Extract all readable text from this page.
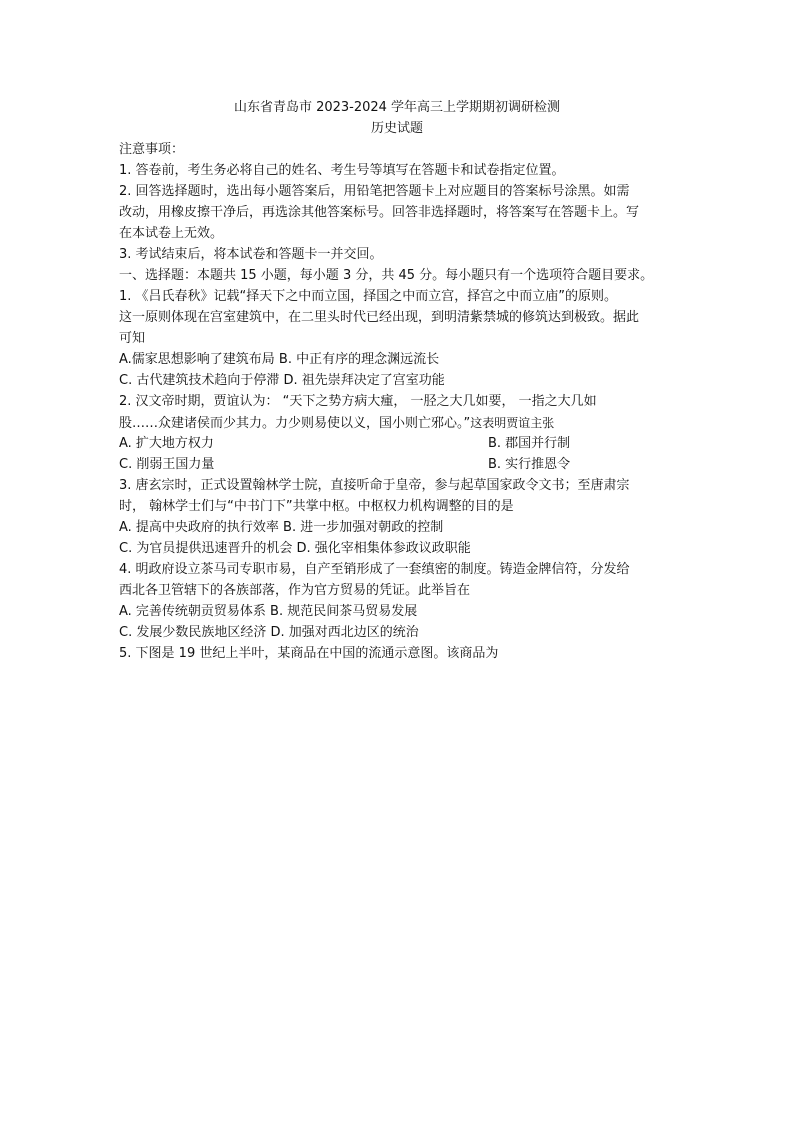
山东省青岛市 2023-2024 学年高三上学期期初调研检测
历史试题
注意事项：
1. 答卷前，考生务必将自己的姓名、考生号等填写在答题卡和试卷指定位置。
2. 回答选择题时，选出每小题答案后，用铅笔把答题卡上对应题目的答案标号涂黑。如需
改动，用橡皮擦干净后，再选涂其他答案标号。回答非选择题时，将答案写在答题卡上。写
在本试卷上无效。
3. 考试结束后，将本试卷和答题卡一并交回。
一、选择题：本题共 15 小题，每小题 3 分，共 45 分。每小题只有一个选项符合题目要求。
1. 《吕氏春秋》记载“择天下之中而立国，择国之中而立宫，择宫之中而立庙”的原则。
这一原则体现在宫室建筑中，在二里头时代已经出现，到明清紫禁城的修筑达到极致。据此
可知
A.儒家思想影响了建筑布局 B. 中正有序的理念渊远流长
C. 古代建筑技术趋向于停滞 D. 祖先崇拜决定了宫室功能
2. 汉文帝时期，贾谊认为： “天下之势方病大瘇， 一胫之大几如要， 一指之大几如
股……众建诸侯而少其力。力少则易使以义，国小则亡邪心。”这表明贾谊主张
A. 扩大地方权力	B. 郡国并行制
C. 削弱王国力量	B. 实行推恩令
3. 唐玄宗时，正式设置翰林学士院，直接听命于皇帝，参与起草国家政令文书；至唐肃宗
时， 翰林学士们与“中书门下”共掌中枢。中枢权力机构调整的目的是
A. 提高中央政府的执行效率 B. 进一步加强对朝政的控制
C. 为官员提供迅速晋升的机会 D. 强化宰相集体参政议政职能
4. 明政府设立茶马司专职市易，自产至销形成了一套缜密的制度。铸造金牌信符，分发给
西北各卫管辖下的各族部落，作为官方贸易的凭证。此举旨在
A. 完善传统朝贡贸易体系 B. 规范民间茶马贸易发展
C. 发展少数民族地区经济 D. 加强对西北边区的统治
5. 下图是 19 世纪上半叶，某商品在中国的流通示意图。该商品为
